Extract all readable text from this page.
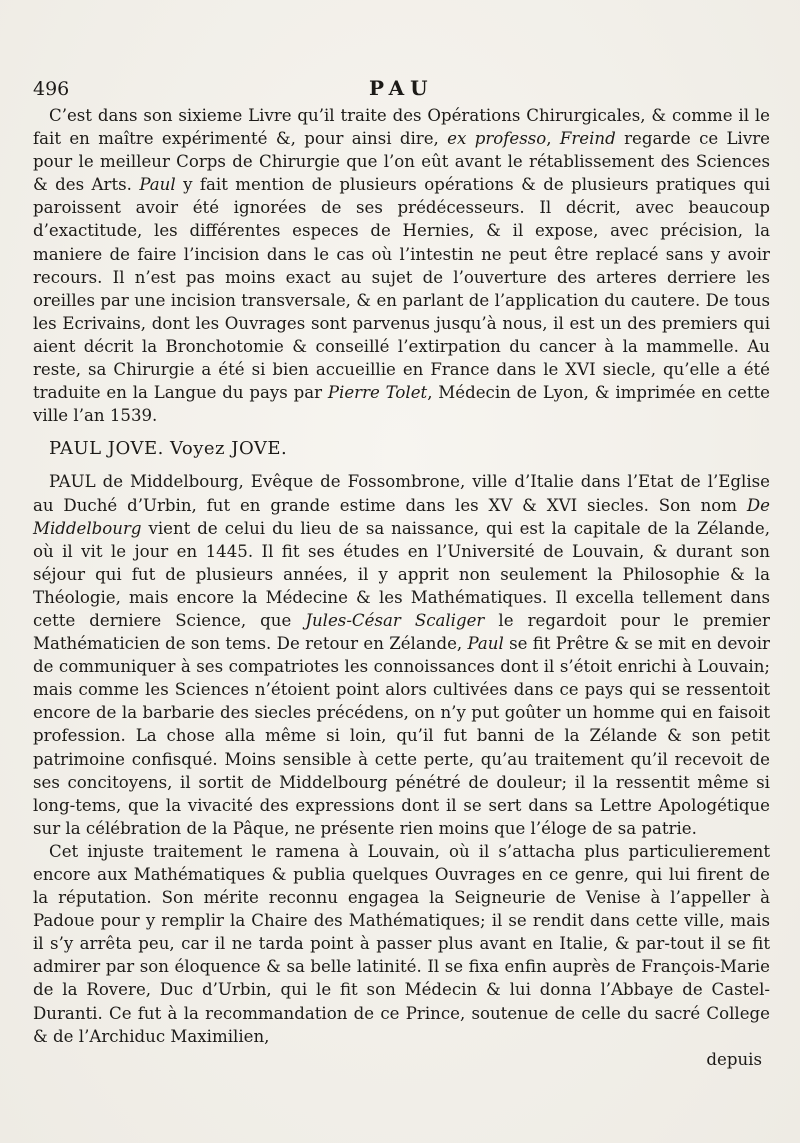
496	PAU

C’est dans son sixieme Livre qu’il traite des Opérations Chirurgicales, & comme il le fait en maître expérimenté &, pour ainsi dire, ex professo, Freind regarde ce Livre pour le meilleur Corps de Chirurgie que l’on eût avant le rétablissement des Sciences & des Arts. Paul y fait mention de plusieurs opérations & de plusieurs pratiques qui paroissent avoir été ignorées de ses prédécesseurs. Il décrit, avec beaucoup d’exactitude, les différentes especes de Hernies, & il expose, avec précision, la maniere de faire l’incision dans le cas où l’intestin ne peut être replacé sans y avoir recours. Il n’est pas moins exact au sujet de l’ouverture des arteres derriere les oreilles par une incision transversale, & en parlant de l’application du cautere. De tous les Ecrivains, dont les Ouvrages sont parvenus jusqu’à nous, il est un des premiers qui aient décrit la Bronchotomie & conseillé l’extirpation du cancer à la mammelle. Au reste, sa Chirurgie a été si bien accueillie en France dans le XVI siecle, qu’elle a été traduite en la Langue du pays par Pierre Tolet, Médecin de Lyon, & imprimée en cette ville l’an 1539.

PAUL JOVE. Voyez JOVE.

PAUL de Middelbourg, Evêque de Fossombrone, ville d’Italie dans l’Etat de l’Eglise au Duché d’Urbin, fut en grande estime dans les XV & XVI siecles. Son nom De Middelbourg vient de celui du lieu de sa naissance, qui est la capitale de la Zélande, où il vit le jour en 1445. Il fit ses études en l’Université de Louvain, & durant son séjour qui fut de plusieurs années, il y apprit non seulement la Philosophie & la Théologie, mais encore la Médecine & les Mathématiques. Il excella tellement dans cette derniere Science, que Jules-César Scaliger le regardoit pour le premier Mathématicien de son tems. De retour en Zélande, Paul se fit Prêtre & se mit en devoir de communiquer à ses compatriotes les connoissances dont il s’étoit enrichi à Louvain; mais comme les Sciences n’étoient point alors cultivées dans ce pays qui se ressentoit encore de la barbarie des siecles précédens, on n’y put goûter un homme qui en faisoit profession. La chose alla même si loin, qu’il fut banni de la Zélande & son petit patrimoine confisqué. Moins sensible à cette perte, qu’au traitement qu’il recevoit de ses concitoyens, il sortit de Middelbourg pénétré de douleur; il la ressentit même si long-tems, que la vivacité des expressions dont il se sert dans sa Lettre Apologétique sur la célébration de la Pâque, ne présente rien moins que l’éloge de sa patrie.

Cet injuste traitement le ramena à Louvain, où il s’attacha plus particulierement encore aux Mathématiques & publia quelques Ouvrages en ce genre, qui lui firent de la réputation. Son mérite reconnu engagea la Seigneurie de Venise à l’appeller à Padoue pour y remplir la Chaire des Mathématiques; il se rendit dans cette ville, mais il s’y arrêta peu, car il ne tarda point à passer plus avant en Italie, & par-tout il se fit admirer par son éloquence & sa belle latinité. Il se fixa enfin auprès de François-Marie de la Rovere, Duc d’Urbin, qui le fit son Médecin & lui donna l’Abbaye de Castel-Duranti. Ce fut à la recommandation de ce Prince, soutenue de celle du sacré College & de l’Archiduc Maximilien,

depuis
